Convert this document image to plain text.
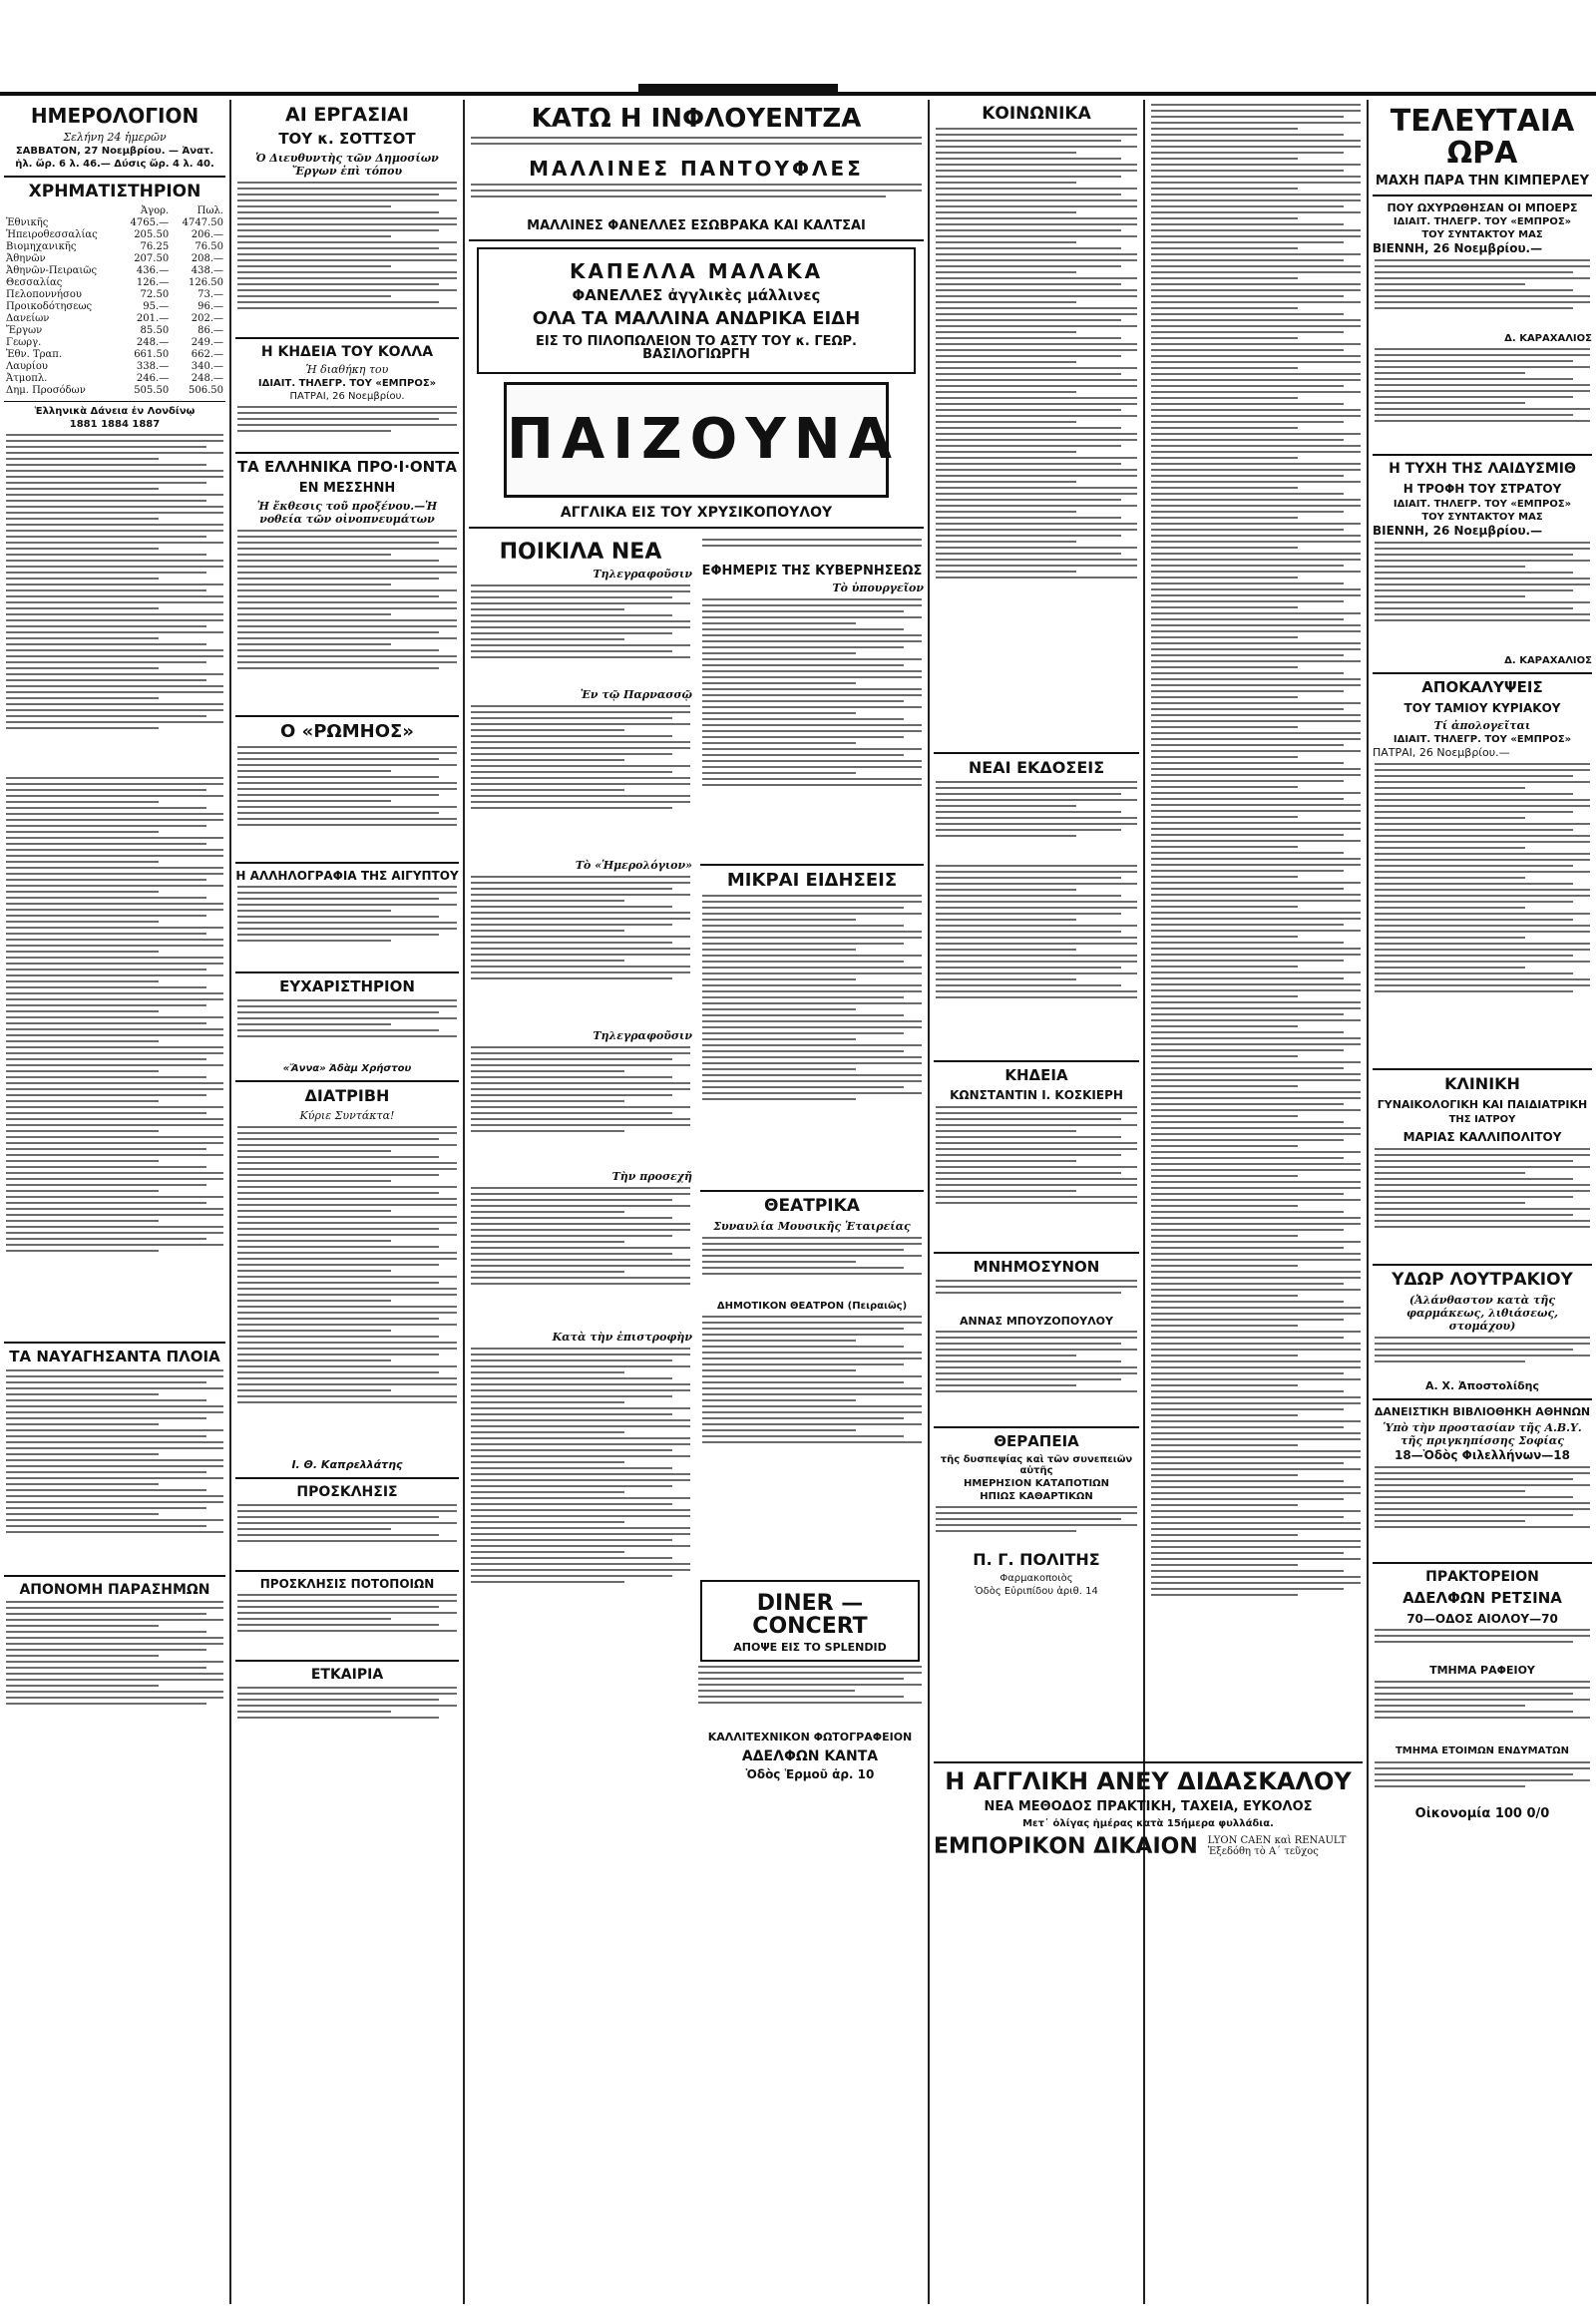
ΗΜΕΡΟΛΟΓΙΟΝ
Σελήνη 24 ἡμερῶν
ΣΑΒΒΑΤΟΝ, 27 Νοεμβρίου. — Ἀνατ.
ἡλ. ὥρ. 6 λ. 46.— Δύσις ὥρ. 4 λ. 40.
ΧΡΗΜΑΤΙΣΤΗΡΙΟΝ
	Ἀγορ.	Πωλ.
Ἐθνικῆς	4765.—	4747.50
Ἠπειροθεσσαλίας	205.50	206.—
Βιομηχανικῆς	76.25	76.50
Ἀθηνῶν	207.50	208.—
Ἀθηνῶν-Πειραιῶς	436.—	438.—
Θεσσαλίας	126.—	126.50
Πελοποννήσου	72.50	73.—
Προικοδότησεως	95.—	96.—
Δανείων	201.—	202.—
Ἔργων	85.50	86.—
Γεωργ.	248.—	249.—
Ἐθν. Τραπ.	661.50	662.—
Λαυρίου	338.—	340.—
Ἀτμοπλ.	246.—	248.—
Δημ. Προσόδων	505.50	506.50
Ἑλληνικὰ Δάνεια ἐν Λονδίνῳ
1881 1884 1887
ΤΑ ΝΑΥΑΓΗΣΑΝΤΑ ΠΛΟΙΑ
ΑΠΟΝΟΜΗ ΠΑΡΑΣΗΜΩΝ
ΑΙ ΕΡΓΑΣΙΑΙ
ΤΟΥ κ. ΣΟΤΤΣΟΤ
Ὁ Διευθυντὴς τῶν Δημοσίων Ἔργων ἐπὶ τόπου
Η ΚΗΔΕΙΑ ΤΟΥ ΚΟΛΛΑ
Ἡ διαθήκη του
ΙΔΙΑΙΤ. ΤΗΛΕΓΡ. ΤΟΥ «ΕΜΠΡΟΣ»
ΠΑΤΡΑΙ, 26 Νοεμβρίου.
ΤΑ ΕΛΛΗΝΙΚΑ ΠΡΟ·Ι·ΟΝΤΑ
ΕΝ ΜΕΣΣΗΝΗ
Ἡ ἔκθεσις τοῦ προξένου.—Ἡ νοθεία τῶν οἰνοπνευμάτων
Ο «ΡΩΜΗΟΣ»
Η ΑΛΛΗΛΟΓΡΑΦΙΑ ΤΗΣ ΑΙΓΥΠΤΟΥ
ΕΥΧΑΡΙΣΤΗΡΙΟΝ
«Ἄννα» Ἀδὰμ Χρήστου
ΔΙΑΤΡΙΒΗ
Κύριε Συντάκτα!
Ι. Θ. Καπρελλάτης
ΠΡΟΣΚΛΗΣΙΣ
ΠΡΟΣΚΛΗΣΙΣ ΠΟΤΟΠΟΙΩΝ
ΕΤΚΑΙΡΙΑ
ΚΑΤΩ Η ΙΝΦΛΟΥΕΝΤΖΑ
ΜΑΛΛΙΝΕΣ ΠΑΝΤΟΥΦΛΕΣ
ΜΑΛΛΙΝΕΣ ΦΑΝΕΛΛΕΣ ΕΣΩΒΡΑΚΑ ΚΑΙ ΚΑΛΤΣΑΙ
ΚΑΠΕΛΛΑ ΜΑΛΑΚΑ
ΦΑΝΕΛΛΕΣ ἀγγλικὲς μάλλινες
ΟΛΑ ΤΑ ΜΑΛΛΙΝΑ ΑΝΔΡΙΚΑ ΕΙΔΗ
ΕΙΣ ΤΟ ΠΙΛΟΠΩΛΕΙΟΝ ΤΟ ΑΣΤΥ ΤΟΥ κ. ΓΕΩΡ. ΒΑΣΙΛΟΓΙΩΡΓΗ
ΠΑΙΖΟΥΝΑ
ΑΓΓΛΙΚΑ ΕΙΣ ΤΟΥ ΧΡΥΣΙΚΟΠΟΥΛΟΥ
ΠΟΙΚΙΛΑ ΝΕΑ
Τηλεγραφοῦσιν
Ἐν τῷ Παρνασσῷ
Τὸ «Ἡμερολόγιον»
Τηλεγραφοῦσιν
Τὴν προσεχῆ
Κατὰ τὴν ἐπιστροφὴν
ΕΦΗΜΕΡΙΣ ΤΗΣ ΚΥΒΕΡΝΗΣΕΩΣ
Τὸ ὑπουργεῖον
ΜΙΚΡΑΙ ΕΙΔΗΣΕΙΣ
ΘΕΑΤΡΙΚΑ
Συναυλία Μουσικῆς Ἑταιρείας
ΔΗΜΟΤΙΚΟΝ ΘΕΑΤΡΟΝ (Πειραιῶς)
ΚΟΙΝΩΝΙΚΑ
ΝΕΑΙ ΕΚΔΟΣΕΙΣ
ΚΗΔΕΙΑ
ΚΩΝΣΤΑΝΤΙΝ Ι. ΚΟΣΚΙΕΡΗ
ΜΝΗΜΟΣΥΝΟΝ
ΑΝΝΑΣ ΜΠΟΥΖΟΠΟΥΛΟΥ
ΘΕΡΑΠΕΙΑ
τῆς δυσπεψίας καὶ τῶν συνεπειῶν αὐτῆς
ΗΜΕΡΗΣΙΟΝ ΚΑΤΑΠΟΤΙΩΝ
ΗΠΙΩΣ ΚΑΘΑΡΤΙΚΩΝ
Π. Γ. ΠΟΛΙΤΗΣ
Φαρμακοποιὸς
Ὁδὸς Εὐριπίδου ἀριθ. 14
DINER — CONCERT
ΑΠΟΨΕ ΕΙΣ ΤΟ SPLENDID
ΚΑΛΛΙΤΕΧΝΙΚΟΝ ΦΩΤΟΓΡΑΦΕΙΟΝ
ΑΔΕΛΦΩΝ ΚΑΝΤΑ
Ὁδὸς Ἑρμοῦ ἀρ. 10	Η ΑΓΓΛΙΚΗ ΑΝΕΥ ΔΙΔΑΣΚΑΛΟΥ
ΝΕΑ ΜΕΘΟΔΟΣ ΠΡΑΚΤΙΚΗ, ΤΑΧΕΙΑ, ΕΥΚΟΛΟΣ
Μετ᾿ ὀλίγας ἡμέρας κατὰ 15ήμερα φυλλάδια.
ΕΜΠΟΡΙΚΟΝ ΔΙΚΑΙΟΝ LYON CAEN καὶ RENAULT
Ἐξεδόθη τὸ Α΄ τεῦχος
ΤΕΛΕΥΤΑΙΑ ΩΡΑ
ΜΑΧΗ ΠΑΡΑ ΤΗΝ ΚΙΜΠΕΡΛΕΥ
ΠΟΥ ΩΧΥΡΩΘΗΣΑΝ ΟΙ ΜΠΟΕΡΣ
ΙΔΙΑΙΤ. ΤΗΛΕΓΡ. ΤΟΥ «ΕΜΠΡΟΣ»
ΤΟΥ ΣΥΝΤΑΚΤΟΥ ΜΑΣ
ΒΙΕΝΝΗ, 26 Νοεμβρίου.—
Δ. ΚΑΡΑΧΑΛΙΟΣ
Η ΤΥΧΗ ΤΗΣ ΛΑΙΔΥΣΜΙΘ
Η ΤΡΟΦΗ ΤΟΥ ΣΤΡΑΤΟΥ
ΙΔΙΑΙΤ. ΤΗΛΕΓΡ. ΤΟΥ «ΕΜΠΡΟΣ»
ΤΟΥ ΣΥΝΤΑΚΤΟΥ ΜΑΣ
ΒΙΕΝΝΗ, 26 Νοεμβρίου.—
Δ. ΚΑΡΑΧΑΛΙΟΣ
ΑΠΟΚΑΛΥΨΕΙΣ
ΤΟΥ ΤΑΜΙΟΥ ΚΥΡΙΑΚΟΥ
Τί ἀπολογεῖται
ΙΔΙΑΙΤ. ΤΗΛΕΓΡ. ΤΟΥ «ΕΜΠΡΟΣ»
ΠΑΤΡΑΙ, 26 Νοεμβρίου.—
ΚΛΙΝΙΚΗ
ΓΥΝΑΙΚΟΛΟΓΙΚΗ ΚΑΙ ΠΑΙΔΙΑΤΡΙΚΗ
ΤΗΣ ΙΑΤΡΟΥ
ΜΑΡΙΑΣ ΚΑΛΛΙΠΟΛΙΤΟΥ
ΥΔΩΡ ΛΟΥΤΡΑΚΙΟΥ
(Ἀλάνθαστον κατὰ τῆς φαρμάκεως, λιθιάσεως, στομάχου)
Α. Χ. Ἀποστολίδης
ΔΑΝΕΙΣΤΙΚΗ ΒΙΒΛΙΟΘΗΚΗ ΑΘΗΝΩΝ
Ὑπὸ τὴν προστασίαν τῆς Α.Β.Υ. τῆς πριγκηπίσσης Σοφίας
18—Ὁδὸς Φιλελλήνων—18
ΠΡΑΚΤΟΡΕΙΟΝ
ΑΔΕΛΦΩΝ ΡΕΤΣΙΝΑ
70—ΟΔΟΣ ΑΙΟΛΟΥ—70
ΤΜΗΜΑ ΡΑΦΕΙΟΥ
ΤΜΗΜΑ ΕΤΟΙΜΩΝ ΕΝΔΥΜΑΤΩΝ
Οἰκονομία 100 0/0
